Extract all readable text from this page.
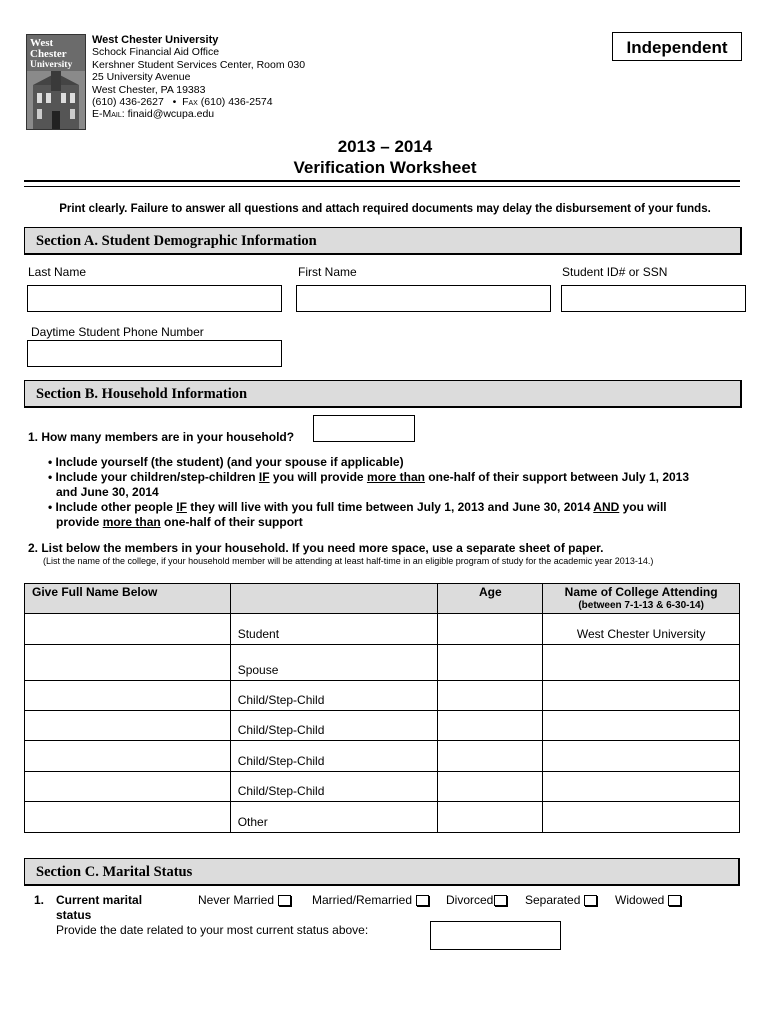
West
Chester
University
West Chester University
Schock Financial Aid Office
Kershner Student Services Center, Room 030
25 University Avenue
West Chester, PA 19383
(610) 436-2627   •  Fax (610) 436-2574
E-Mail: finaid@wcupa.edu
Independent
2013 – 2014
Verification Worksheet
Print clearly. Failure to answer all questions and attach required documents may delay the disbursement of your funds.
Section A. Student Demographic Information
Last Name	First Name	Student ID# or SSN
Daytime Student Phone Number
Section B. Household Information
1. How many members are in your household?
• Include yourself (the student) (and your spouse if applicable)
• Include your children/step-children IF you will provide more than one-half of their support between July 1, 2013
and June 30, 2014
• Include other people IF they will live with you full time between July 1, 2013 and June 30, 2014 AND you will
provide more than one-half of their support
2. List below the members in your household. If you need more space, use a separate sheet of paper.
(List the name of the college, if your household member will be attending at least half-time in an eligible program of study for the academic year 2013-14.)
Give Full Name Below		Age	Name of College Attending
(between 7-1-13 & 6-30-14)

	Student		West Chester University
	Spouse		
	Child/Step-Child		
	Child/Step-Child		
	Child/Step-Child		
	Child/Step-Child		
	Other		
Section C. Marital Status
1. Current marital
status
Never Married	Married/Remarried	Divorced	Separated	Widowed
Provide the date related to your most current status above:
